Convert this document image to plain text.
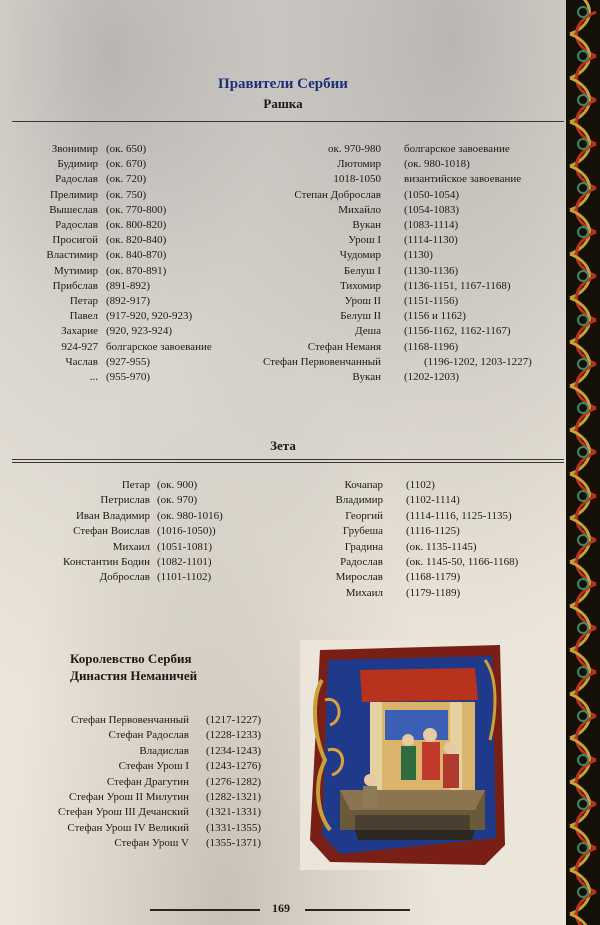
Правители Сербии
Рашка
Звонимир (ок. 650)
Будимир (ок. 670)
Радослав (ок. 720)
Прелимир (ок. 750)
Вышеслав (ок. 770-800)
Радослав (ок. 800-820)
Просигой (ок. 820-840)
Властимир (ок. 840-870)
Мутимир (ок. 870-891)
Прибслав (891-892)
Петар (892-917)
Павел (917-920, 920-923)
Захарие (920, 923-924)
924-927 болгарское завоевание
Часлав (927-955)
... (955-970)
ок. 970-980 болгарское завоевание
Лютомир (ок. 980-1018)
1018-1050 византийское завоевание
Степан Доброслав (1050-1054)
Михайло (1054-1083)
Вукан (1083-1114)
Урош I (1114-1130)
Чудомир (1130)
Белуш I (1130-1136)
Тихомир (1136-1151, 1167-1168)
Урош II (1151-1156)
Белуш II (1156 и 1162)
Деша (1156-1162, 1162-1167)
Стефан Неманя (1168-1196)
Стефан Первовенчанный	(1196-1202, 1203-1227)
Вукан (1202-1203)
Зета
Петар (ок. 900)
Петрислав (ок. 970)
Иван Владимир (ок. 980-1016)
Стефан Воислав (1016-1050))
Михаил (1051-1081)
Константин Бодин (1082-1101)
Доброслав (1101-1102)
Кочапар (1102)
Владимир (1102-1114)
Георгий (1114-1116, 1125-1135)
Грубеша (1116-1125)
Градина (ок. 1135-1145)
Радослав (ок. 1145-50, 1166-1168)
Мирослав (1168-1179)
Михаил (1179-1189)
Королевство Сербия
Династия Неманичей
Стефан Первовенчанный (1217-1227)
Стефан Радослав (1228-1233)
Владислав (1234-1243)
Стефан Урош I (1243-1276)
Стефан Драгутин (1276-1282)
Стефан Урош II Милутин (1282-1321)
Стефан Урош III Дечанский (1321-1331)
Стефан Урош IV Великий (1331-1355)
Стефан Урош V (1355-1371)
169
